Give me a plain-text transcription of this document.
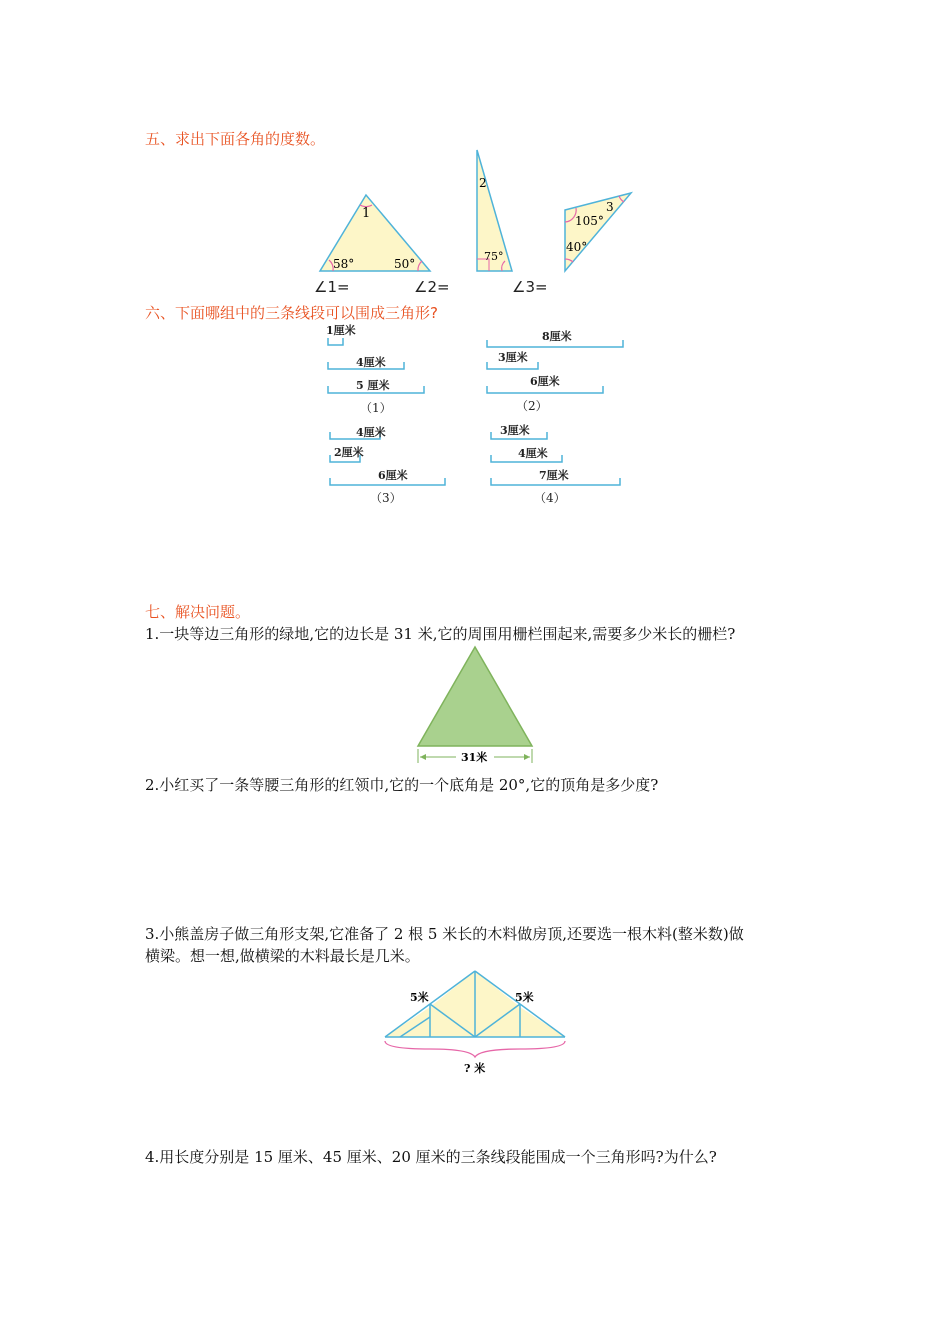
五、求出下面各角的度数。
1
58°	50°
2
75°
105°
3
40°
∠1=	∠2=	∠3=
六、下面哪组中的三条线段可以围成三角形?
1厘米
4厘米
5 厘米
（1）
8厘米
3厘米
6厘米
（2）
4厘米
2厘米
6厘米
（3）
3厘米
4厘米
7厘米
（4）
七、解决问题。
1.一块等边三角形的绿地,它的边长是 31 米,它的周围用栅栏围起来,需要多少米长的栅栏?
31米
2.小红买了一条等腰三角形的红领巾,它的一个底角是 20°,它的顶角是多少度?
3.小熊盖房子做三角形支架,它准备了 2 根 5 米长的木料做房顶,还要选一根木料(整米数)做
横梁。想一想,做横梁的木料最长是几米。
5米	5米
? 米
4.用长度分别是 15 厘米、45 厘米、20 厘米的三条线段能围成一个三角形吗?为什么?
